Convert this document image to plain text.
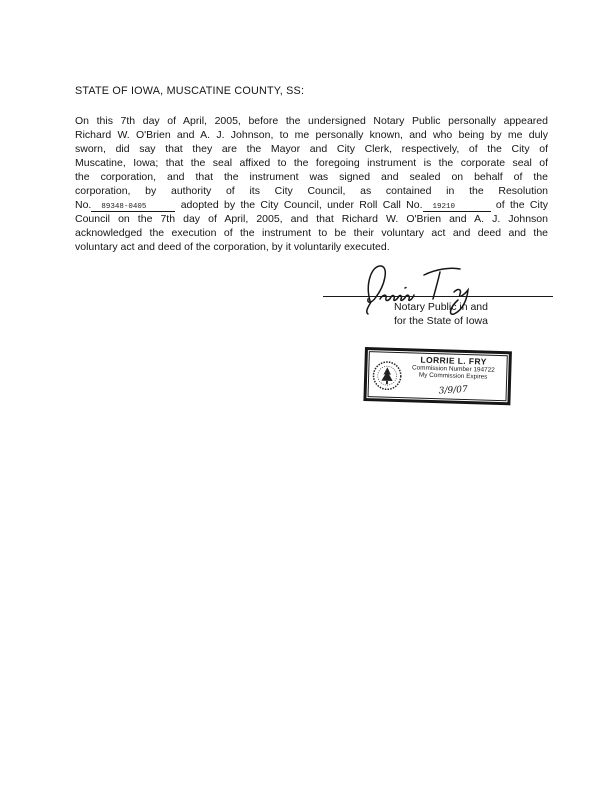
STATE OF IOWA, MUSCATINE COUNTY, SS:
On this 7th day of April, 2005, before the undersigned Notary Public personally appeared
Richard W. O'Brien and A. J. Johnson, to me personally known, and who being by me duly
sworn, did say that they are the Mayor and City Clerk, respectively, of the City of
Muscatine, Iowa; that the seal affixed to the foregoing instrument is the corporate seal of
the corporation, and that the instrument was signed and sealed on behalf of the
corporation, by authority of its City Council, as contained in the Resolution
No. 89348-0405	adopted by the City Council, under Roll Call No. 19210	of the City
Council on the 7th day of April, 2005, and that Richard W. O'Brien and A. J. Johnson
acknowledged the execution of the instrument to be their voluntary act and deed and the
voluntary act and deed of the corporation, by it voluntarily executed.
Notary Public in and
for the State of Iowa
LORRIE L. FRY
Commission Number 194722
My Commission Expires
3/9/07
